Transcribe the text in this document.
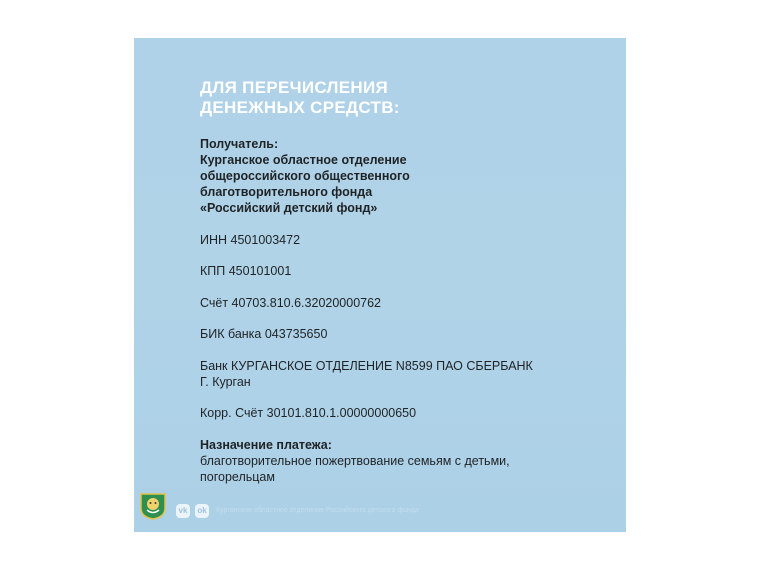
ДЛЯ ПЕРЕЧИСЛЕНИЯ
ДЕНЕЖНЫХ СРЕДСТВ:
Получатель:
Курганское областное отделение
общероссийского общественного
благотворительного фонда
«Российский детский фонд»
ИНН 4501003472
КПП 450101001
Счёт 40703.810.6.32020000762
БИК банка 043735650
Банк КУРГАНСКОЕ ОТДЕЛЕНИЕ N8599 ПАО СБЕРБАНК
Г. Курган
Корр. Счёт 30101.810.1.00000000650
Назначение платежа:
благотворительное пожертвование семьям с детьми,
погорельцам
vk	ok	Курганское областное отделение Российского детского фонда
